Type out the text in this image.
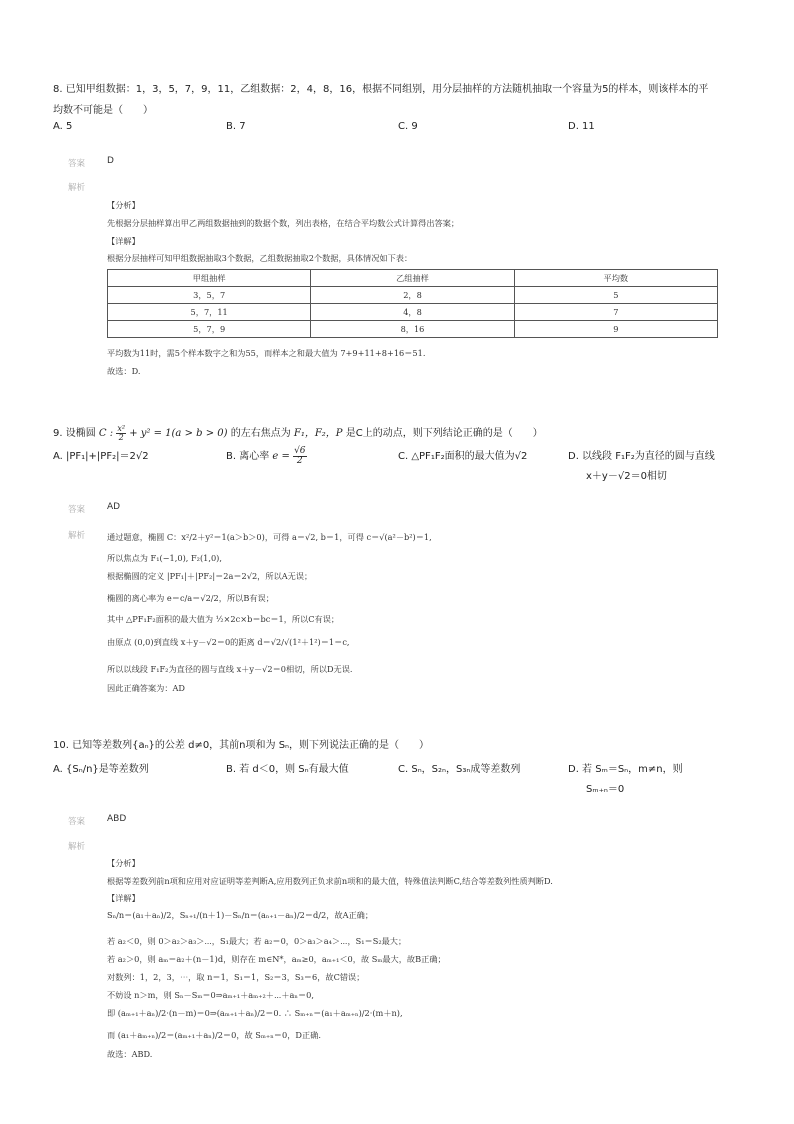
8. 已知甲组数据：1，3，5，7，9，11，乙组数据：2，4，8，16，根据不同组别，用分层抽样的方法随机抽取一个容量为5的样本，则该样本的平
均数不可能是（　　）
A. 5	B. 7	C. 9	D. 11
答案 D
解析
【分析】
先根据分层抽样算出甲乙两组数据抽到的数据个数，列出表格，在结合平均数公式计算得出答案；
【详解】
根据分层抽样可知甲组数据抽取3个数据，乙组数据抽取2个数据，具体情况如下表：
甲组抽样	乙组抽样	平均数
3，5，7	2，8	5
5，7，11	4，8	7
5，7，9	8，16	9
平均数为11时，需5个样本数字之和为55，而样本之和最大值为 7+9+11+8+16＝51.
故选：D.
9. 设椭圆 C : $\frac{\text{x²}}{2} + y^2 = 1(a > b > 0)$ 的左右焦点为 F₁，F₂，P 是C上的动点，则下列结论正确的是（　　）
A. |PF₁|+|PF₂|＝2√2	B. 离心率 $e = \frac{√6}{2}$	C. △PF₁F₂面积的最大值为√2	D. 以线段 F₁F₂为直径的圆与直线
x＋y－√2＝0相切
答案 AD
解析	通过题意，椭圆 C：x²/2＋y²＝1(a＞b＞0)，可得 a＝√2, b＝1，可得 c＝√(a²－b²)＝1,
所以焦点为 F₁(−1,0), F₂(1,0),
根据椭圆的定义 |PF₁|＋|PF₂|＝2a＝2√2，所以A无误；
椭圆的离心率为 e＝c/a＝√2/2，所以B有误；
其中 △PF₁F₂面积的最大值为 ½×2c×b＝bc＝1，所以C有误；
由原点 (0,0)到直线 x＋y－√2＝0的距离 d＝√2/√(1²＋1²)＝1＝c,
所以以线段 F₁F₂为直径的圆与直线 x＋y－√2＝0相切，所以D无误.
因此正确答案为：AD
10. 已知等差数列{aₙ}的公差 d≠0，其前n项和为 Sₙ，则下列说法正确的是（　　）
A. {Sₙ/n}是等差数列	B. 若 d＜0，则 Sₙ有最大值	C. Sₙ，S₂ₙ，S₃ₙ成等差数列	D. 若 Sₘ＝Sₙ，m≠n，则
Sₘ₊ₙ＝0
答案 ABD
解析
【分析】
根据等差数列前n项和应用对应证明等差判断A,应用数列正负求前n项和的最大值，特殊值法判断C,结合等差数列性质判断D.
【详解】
Sₙ/n＝(a₁＋aₙ)/2，Sₙ₊₁/(n＋1)－Sₙ/n＝(aₙ₊₁－aₙ)/2＝d/2，故A正确；
若 a₂＜0，则 0＞a₂＞a₃＞⋯，S₁最大；若 a₂＝0，0＞a₃＞a₄＞⋯，S₁＝S₂最大；
若 a₂＞0，则 aₘ＝a₂＋(n－1)d，则存在 m∈N*，aₘ≥0，aₘ₊₁＜0，故 Sₘ最大，故B正确；
对数列：1，2，3，⋯，取 n＝1，S₁＝1，S₂＝3，S₃＝6，故C错误；
不妨设 n＞m，则 Sₙ－Sₘ＝0⇒aₘ₊₁＋aₘ₊₂＋⋯＋aₙ＝0,
即 (aₘ₊₁＋aₙ)/2·(n－m)＝0⇒(aₘ₊₁＋aₙ)/2＝0. ∴ Sₘ₊ₙ＝(a₁＋aₘ₊ₙ)/2·(m＋n),
而 (a₁＋aₘ₊ₙ)/2＝(aₘ₊₁＋aₙ)/2＝0，故 Sₘ₊ₙ＝0，D正确.
故选：ABD.
